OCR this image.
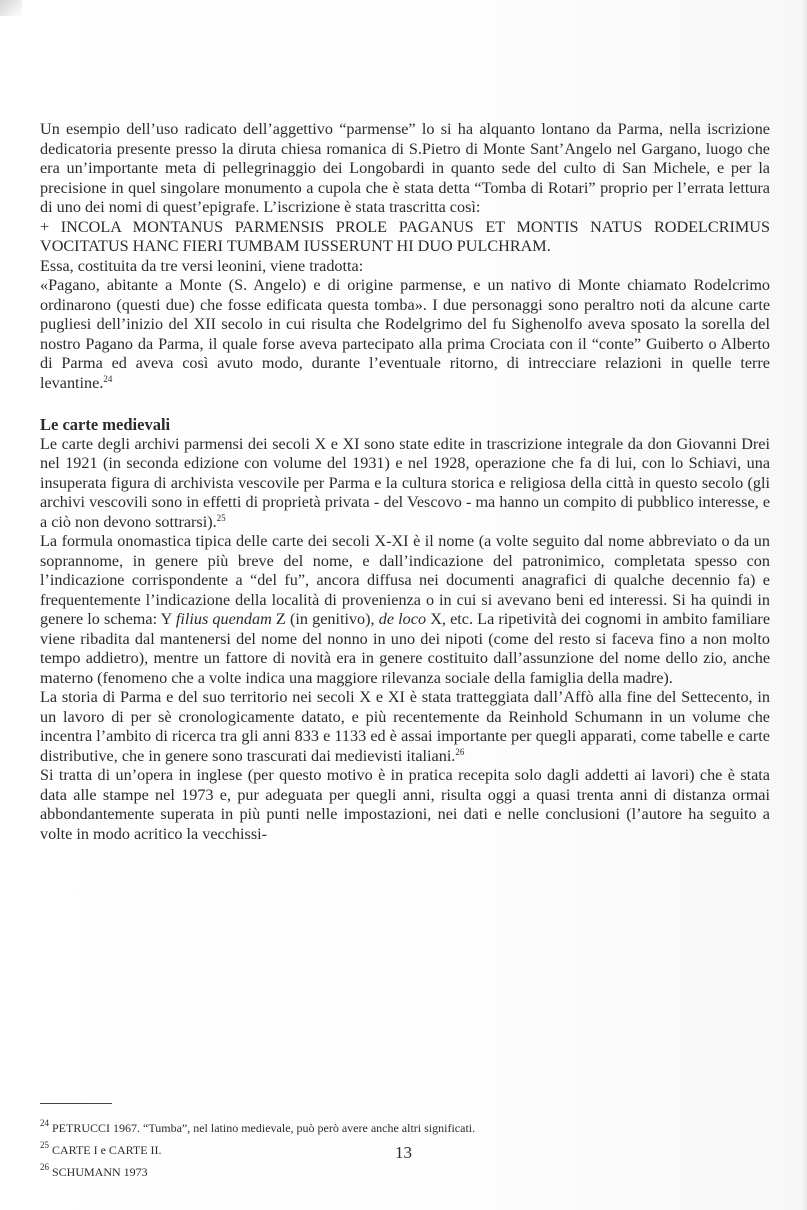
Un esempio dell’uso radicato dell’aggettivo “parmense” lo si ha alquanto lontano da Parma, nella iscrizione dedicatoria presente presso la diruta chiesa romanica di S.Pietro di Monte Sant’Angelo nel Gargano, luogo che era un’importante meta di pellegrinaggio dei Longobardi in quanto sede del culto di San Michele, e per la precisione in quel singolare monumento a cupola che è stata detta “Tomba di Rotari” proprio per l’errata lettura di uno dei nomi di quest’epigrafe. L’iscrizione è stata trascritta così:

+ INCOLA MONTANUS PARMENSIS PROLE PAGANUS ET MONTIS NATUS RODELCRIMUS VOCITATUS HANC FIERI TUMBAM IUSSERUNT HI DUO PULCHRAM.

Essa, costituita da tre versi leonini, viene tradotta:

«Pagano, abitante a Monte (S. Angelo) e di origine parmense, e un nativo di Monte chiamato Rodelcrimo ordinarono (questi due) che fosse edificata questa tomba». I due personaggi sono peraltro noti da alcune carte pugliesi dell’inizio del XII secolo in cui risulta che Rodelgrimo del fu Sighenolfo aveva sposato la sorella del nostro Pagano da Parma, il quale forse aveva partecipato alla prima Crociata con il “conte” Guiberto o Alberto di Parma ed aveva così avuto modo, durante l’eventuale ritorno, di intrecciare relazioni in quelle terre levantine.$^{24}$

Le carte medievali

Le carte degli archivi parmensi dei secoli X e XI sono state edite in trascrizione integrale da don Giovanni Drei nel 1921 (in seconda edizione con volume del 1931) e nel 1928, operazione che fa di lui, con lo Schiavi, una insuperata figura di archivista vescovile per Parma e la cultura storica e religiosa della città in questo secolo (gli archivi vescovili sono in effetti di proprietà privata - del Vescovo - ma hanno un compito di pubblico interesse, e a ciò non devono sottrarsi).$^{25}$

La formula onomastica tipica delle carte dei secoli X-XI è il nome (a volte seguito dal nome abbreviato o da un soprannome, in genere più breve del nome, e dall’indicazione del patronimico, completata spesso con l’indicazione corrispondente a “del fu”, ancora diffusa nei documenti anagrafici di qualche decennio fa) e frequentemente l’indicazione della località di provenienza o in cui si avevano beni ed interessi. Si ha quindi in genere lo schema: Y filius quendam Z (in genitivo), de loco X, etc. La ripetività dei cognomi in ambito familiare viene ribadita dal mantenersi del nome del nonno in uno dei nipoti (come del resto si faceva fino a non molto tempo addietro), mentre un fattore di novità era in genere costituito dall’assunzione del nome dello zio, anche materno (fenomeno che a volte indica una maggiore rilevanza sociale della famiglia della madre).

La storia di Parma e del suo territorio nei secoli X e XI è stata tratteggiata dall’Affò alla fine del Settecento, in un lavoro di per sè cronologicamente datato, e più recentemente da Reinhold Schumann in un volume che incentra l’ambito di ricerca tra gli anni 833 e 1133 ed è assai importante per quegli apparati, come tabelle e carte distributive, che in genere sono trascurati dai medievisti italiani.$^{26}$

Si tratta di un’opera in inglese (per questo motivo è in pratica recepita solo dagli addetti ai lavori) che è stata data alle stampe nel 1973 e, pur adeguata per quegli anni, risulta oggi a quasi trenta anni di distanza ormai abbondantemente superata in più punti nelle impostazioni, nei dati e nelle conclusioni (l’autore ha seguito a volte in modo acritico la vecchissi-

$^{24}$ PETRUCCI 1967. “Tumba”, nel latino medievale, può però avere anche altri significati.

$^{25}$ CARTE I e CARTE II.

$^{26}$ SCHUMANN 1973

13
